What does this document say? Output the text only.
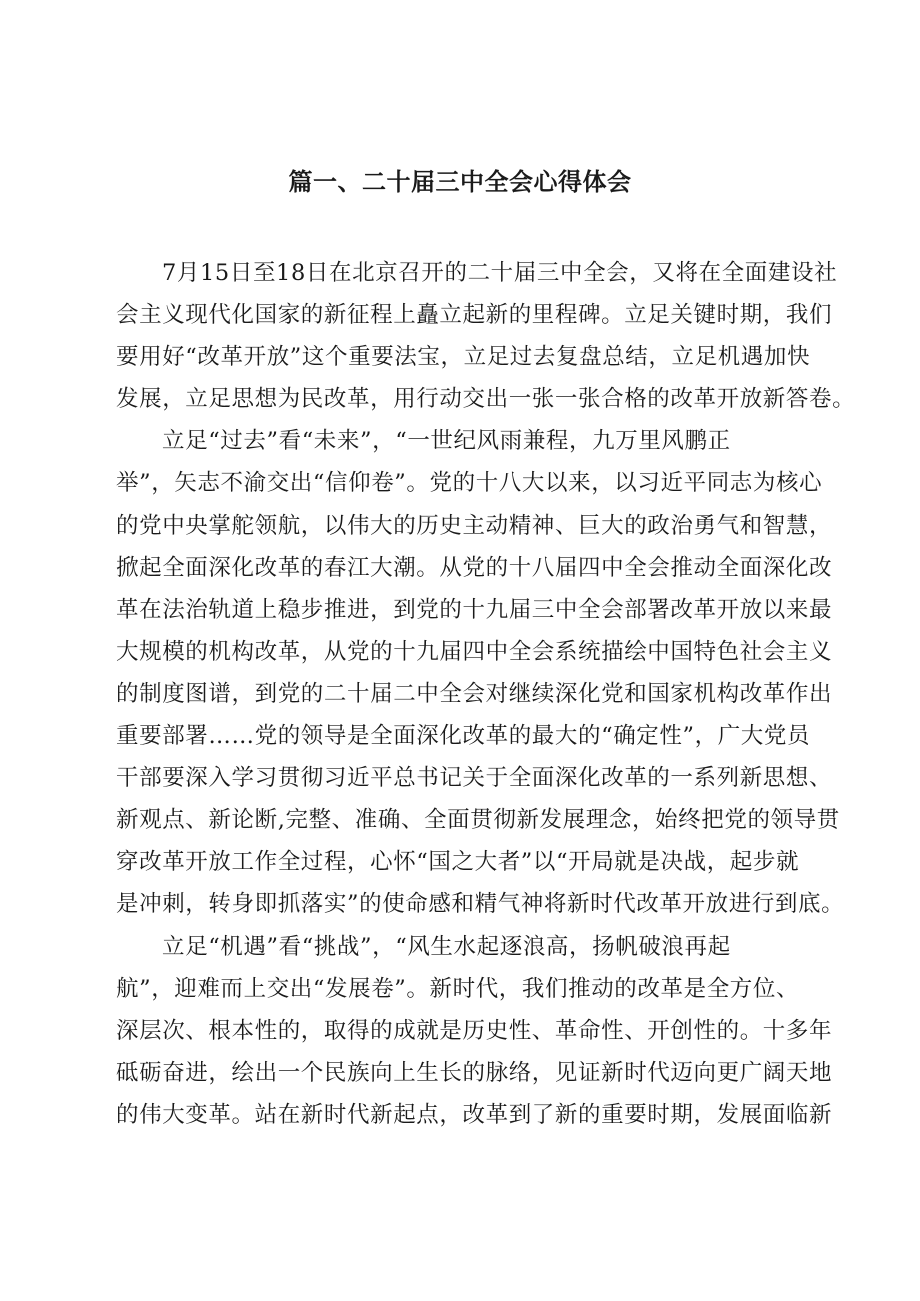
篇一、二十届三中全会心得体会
7月15日至18日在北京召开的二十届三中全会，又将在全面建设社
会主义现代化国家的新征程上矗立起新的里程碑。立足关键时期，我们
要用好“改革开放”这个重要法宝，立足过去复盘总结，立足机遇加快
发展，立足思想为民改革，用行动交出一张一张合格的改革开放新答卷。
立足“过去”看“未来”，“一世纪风雨兼程，九万里风鹏正
举”，矢志不渝交出“信仰卷”。党的十八大以来，以习近平同志为核心
的党中央掌舵领航，以伟大的历史主动精神、巨大的政治勇气和智慧，
掀起全面深化改革的春江大潮。从党的十八届四中全会推动全面深化改
革在法治轨道上稳步推进，到党的十九届三中全会部署改革开放以来最
大规模的机构改革，从党的十九届四中全会系统描绘中国特色社会主义
的制度图谱，到党的二十届二中全会对继续深化党和国家机构改革作出
重要部署……党的领导是全面深化改革的最大的“确定性”，广大党员
干部要深入学习贯彻习近平总书记关于全面深化改革的一系列新思想、
新观点、新论断,完整、准确、全面贯彻新发展理念，始终把党的领导贯
穿改革开放工作全过程，心怀“国之大者”以“开局就是决战，起步就
是冲刺，转身即抓落实”的使命感和精气神将新时代改革开放进行到底。
立足“机遇”看“挑战”，“风生水起逐浪高，扬帆破浪再起
航”，迎难而上交出“发展卷”。新时代，我们推动的改革是全方位、
深层次、根本性的，取得的成就是历史性、革命性、开创性的。十多年
砥砺奋进，绘出一个民族向上生长的脉络，见证新时代迈向更广阔天地
的伟大变革。站在新时代新起点，改革到了新的重要时期，发展面临新
